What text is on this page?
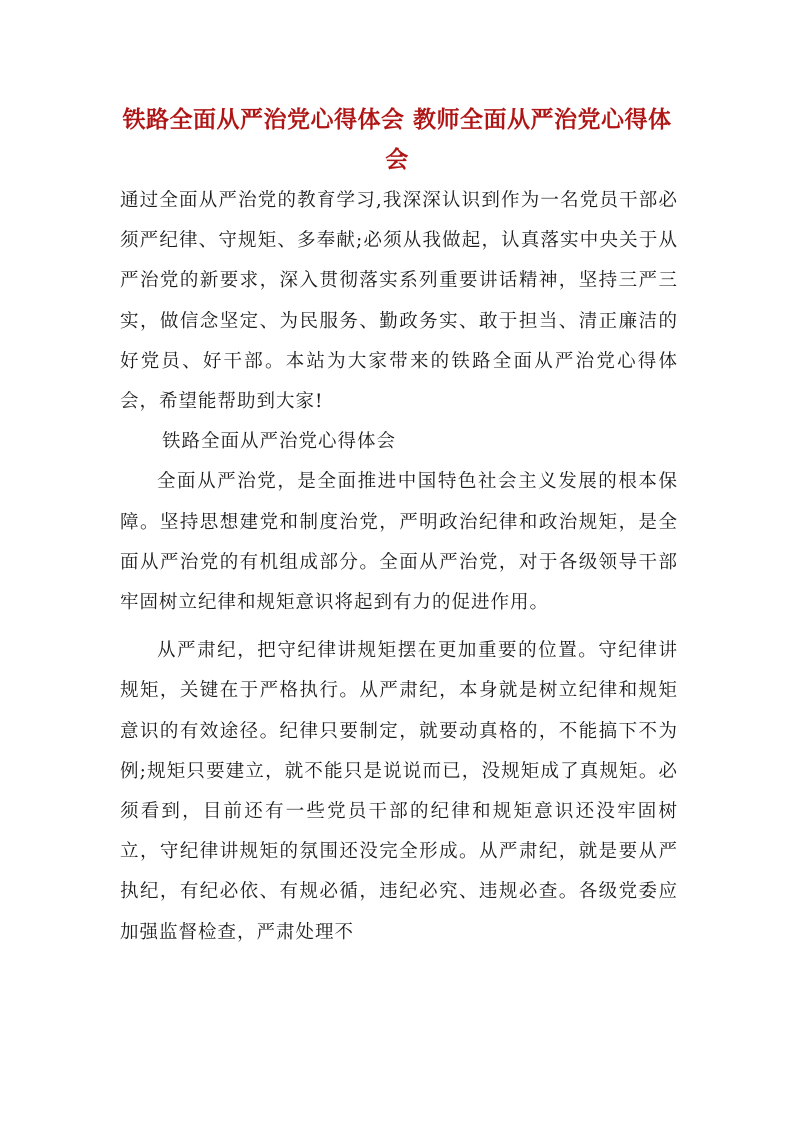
铁路全面从严治党心得体会 教师全面从严治党心得体会

通过全面从严治党的教育学习,我深深认识到作为一名党员干部必须严纪律、守规矩、多奉献;必须从我做起，认真落实中央关于从严治党的新要求，深入贯彻落实系列重要讲话精神，坚持三严三实，做信念坚定、为民服务、勤政务实、敢于担当、清正廉洁的好党员、好干部。本站为大家带来的铁路全面从严治党心得体会，希望能帮助到大家!

铁路全面从严治党心得体会

全面从严治党，是全面推进中国特色社会主义发展的根本保障。坚持思想建党和制度治党，严明政治纪律和政治规矩，是全面从严治党的有机组成部分。全面从严治党，对于各级领导干部牢固树立纪律和规矩意识将起到有力的促进作用。

从严肃纪，把守纪律讲规矩摆在更加重要的位置。守纪律讲规矩，关键在于严格执行。从严肃纪，本身就是树立纪律和规矩意识的有效途径。纪律只要制定，就要动真格的，不能搞下不为例;规矩只要建立，就不能只是说说而已，没规矩成了真规矩。必须看到，目前还有一些党员干部的纪律和规矩意识还没牢固树立，守纪律讲规矩的氛围还没完全形成。从严肃纪，就是要从严执纪，有纪必依、有规必循，违纪必究、违规必查。各级党委应加强监督检查，严肃处理不
